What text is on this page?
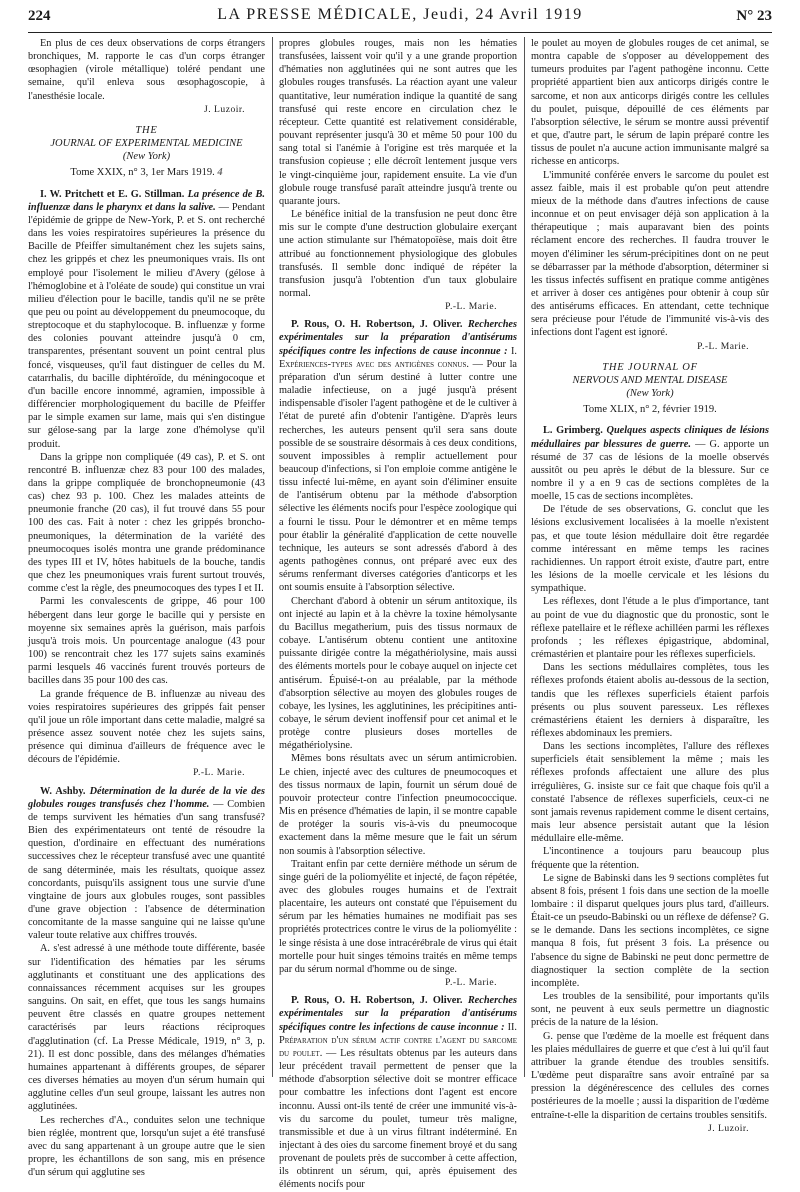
224	LA PRESSE MÉDICALE, Jeudi, 24 Avril 1919	N° 23

En plus de ces deux observations de corps étrangers bronchiques, M. rapporte le cas d'un corps étranger œsophagien (virole métallique) toléré pendant une semaine, qu'il enleva sous œsophagoscopie, à l'anesthésie locale.

J. Luzoir.

THE

JOURNAL OF EXPERIMENTAL MEDICINE

(New York)

Tome XXIX, n° 3, 1er Mars 1919. 4

I. W. Pritchett et E. G. Stillman. La présence de B. influenzæ dans le pharynx et dans la salive. — Pendant l'épidémie de grippe de New-York, P. et S. ont recherché dans les voies respiratoires supérieures la présence du Bacille de Pfeiffer simultanément chez les sujets sains, chez les grippés et chez les pneumoniques vrais. Ils ont employé pour l'isolement le milieu d'Avery (gélose à l'hémoglobine et à l'oléate de soude) qui constitue un vrai milieu d'élection pour le bacille, tandis qu'il ne se prête que peu ou point au développement du pneumocoque, du streptocoque et du staphylocoque. B. influenzæ y forme des colonies pouvant atteindre jusqu'à 0 cm, transparentes, présentant souvent un point central plus foncé, visqueuses, qu'il faut distinguer de celles du M. catarrhalis, du bacille diphtéroïde, du méningocoque et d'un bacille encore innommé, agramien, impossible à différencier morphologiquement du bacille de Pfeiffer par le simple examen sur lame, mais qui s'en distingue sur gélose-sang par la large zone d'hémolyse qu'il produit.

Dans la grippe non compliquée (49 cas), P. et S. ont rencontré B. influenzæ chez 83 pour 100 des malades, dans la grippe compliquée de bronchopneumonie (43 cas) chez 93 p. 100. Chez les malades atteints de pneumonie franche (20 cas), il fut trouvé dans 55 pour 100 des cas. Fait à noter : chez les grippés broncho-pneumoniques, la détermination de la variété des pneumocoques isolés montra une grande prédominance des types III et IV, hôtes habituels de la bouche, tandis que chez les pneumoniques vrais furent surtout trouvés, comme c'est la règle, des pneumocoques des types I et II.

Parmi les convalescents de grippe, 46 pour 100 hébergent dans leur gorge le bacille qui y persiste en moyenne six semaines après la guérison, mais parfois jusqu'à trois mois. Un pourcentage analogue (43 pour 100) se rencontrait chez les 177 sujets sains examinés parmi lesquels 46 vaccinés furent trouvés porteurs de bacilles dans 35 pour 100 des cas.

La grande fréquence de B. influenzæ au niveau des voies respiratoires supérieures des grippés fait penser qu'il joue un rôle important dans cette maladie, malgré sa présence assez souvent notée chez les sujets sains, présence qui diminua d'ailleurs de fréquence avec le décours de l'épidémie.

P.-L. Marie.

W. Ashby. Détermination de la durée de la vie des globules rouges transfusés chez l'homme. — Combien de temps survivent les hématies d'un sang transfusé? Bien des expérimentateurs ont tenté de résoudre la question, d'ordinaire en effectuant des numérations successives chez le récepteur transfusé avec une quantité de sang déterminée, mais les résultats, quoique assez concordants, puisqu'ils assignent tous une survie d'une vingtaine de jours aux globules rouges, sont passibles d'une grave objection : l'absence de détermination concomitante de la masse sanguine qui ne laisse qu'une valeur toute relative aux chiffres trouvés.

A. s'est adressé à une méthode toute différente, basée sur l'identification des hématies par les sérums agglutinants et constituant une des applications des connaissances récemment acquises sur les groupes sanguins. On sait, en effet, que tous les sangs humains peuvent être classés en quatre groupes nettement caractérisés par leurs réactions réciproques d'agglutination (cf. La Presse Médicale, 1919, n° 3, p. 21). Il est donc possible, dans des mélanges d'hématies humaines appartenant à différents groupes, de séparer ces diverses hématies au moyen d'un sérum humain qui agglutine celles d'un seul groupe, laissant les autres non agglutinées.

Les recherches d'A., conduites selon une technique bien réglée, montrent que, lorsqu'un sujet a été transfusé avec du sang appartenant à un groupe autre que le sien propre, les échantillons de son sang, mis en présence d'un sérum qui agglutine ses

propres globules rouges, mais non les hématies transfusées, laissent voir qu'il y a une grande proportion d'hématies non agglutinées qui ne sont autres que les globules rouges transfusés. La réaction ayant une valeur quantitative, leur numération indique la quantité de sang transfusé qui reste encore en circulation chez le récepteur. Cette quantité est relativement considérable, pouvant représenter jusqu'à 30 et même 50 pour 100 du sang total si l'anémie à l'origine est très marquée et la transfusion copieuse ; elle décroît lentement jusque vers le vingt-cinquième jour, rapidement ensuite. La vie d'un globule rouge transfusé paraît atteindre jusqu'à trente ou quarante jours.

Le bénéfice initial de la transfusion ne peut donc être mis sur le compte d'une destruction globulaire exerçant une action stimulante sur l'hématopoïèse, mais doit être attribué au fonctionnement physiologique des globules transfusés. Il semble donc indiqué de répéter la transfusion jusqu'à l'obtention d'un taux globulaire normal.

P.-L. Marie.

P. Rous, O. H. Robertson, J. Oliver. Recherches expérimentales sur la préparation d'antisérums spécifiques contre les infections de cause inconnue : I. Expériences-types avec des antigènes connus. — Pour la préparation d'un sérum destiné à lutter contre une maladie infectieuse, on a jugé jusqu'à présent indispensable d'isoler l'agent pathogène et de le cultiver à l'état de pureté afin d'obtenir l'antigène. D'après leurs recherches, les auteurs pensent qu'il sera sans doute possible de se soustraire désormais à ces deux conditions, souvent impossibles à remplir actuellement pour beaucoup d'infections, si l'on emploie comme antigène le tissu infecté lui-même, en ayant soin d'éliminer ensuite de l'antisérum obtenu par la méthode d'absorption sélective les éléments nocifs pour l'espèce zoologique qui a fourni le tissu. Pour le démontrer et en même temps pour établir la généralité d'application de cette nouvelle technique, les auteurs se sont adressés d'abord à des agents pathogènes connus, ont préparé avec eux des sérums renfermant diverses catégories d'anticorps et les ont soumis ensuite à l'absorption sélective.

Cherchant d'abord à obtenir un sérum antitoxique, ils ont injecté au lapin et à la chèvre la toxine hémolysante du Bacillus megatherium, puis des tissus normaux de cobaye. L'antisérum obtenu contient une antitoxine puissante dirigée contre la mégathériolysine, mais aussi des éléments mortels pour le cobaye auquel on injecte cet antisérum. Épuisé-t-on au préalable, par la méthode d'absorption sélective au moyen des globules rouges de cobaye, les lysines, les agglutinines, les précipitines anti-cobaye, le sérum devient inoffensif pour cet animal et le protège contre plusieurs doses mortelles de mégathériolysine.

Mêmes bons résultats avec un sérum antimicrobien. Le chien, injecté avec des cultures de pneumocoques et des tissus normaux de lapin, fournit un sérum doué de pouvoir protecteur contre l'infection pneumococcique. Mis en présence d'hématies de lapin, il se montre capable de protéger la souris vis-à-vis du pneumocoque exactement dans la même mesure que le fait un sérum non soumis à l'absorption sélective.

Traitant enfin par cette dernière méthode un sérum de singe guéri de la poliomyélite et injecté, de façon répétée, avec des globules rouges humains et de l'extrait placentaire, les auteurs ont constaté que l'épuisement du sérum par les hématies humaines ne modifiait pas ses propriétés protectrices contre le virus de la poliomyélite : le singe résista à une dose intracérébrale de virus qui était mortelle pour huit singes témoins traités en même temps par du sérum normal d'homme ou de singe.

P.-L. Marie.

P. Rous, O. H. Robertson, J. Oliver. Recherches expérimentales sur la préparation d'antisérums spécifiques contre les infections de cause inconnue : II. Préparation d'un sérum actif contre l'agent du sarcome du poulet. — Les résultats obtenus par les auteurs dans leur précédent travail permettent de penser que la méthode d'absorption sélective doit se montrer efficace pour combattre les infections dont l'agent est encore inconnu. Aussi ont-ils tenté de créer une immunité vis-à-vis du sarcome du poulet, tumeur très maligne, transmissible et due à un virus filtrant indéterminé. En injectant à des oies du sarcome finement broyé et du sang provenant de poulets près de succomber à cette affection, ils obtinrent un sérum, qui, après épuisement des éléments nocifs pour

le poulet au moyen de globules rouges de cet animal, se montra capable de s'opposer au développement des tumeurs produites par l'agent pathogène inconnu. Cette propriété appartient bien aux anticorps dirigés contre le sarcome, et non aux anticorps dirigés contre les cellules du poulet, puisque, dépouillé de ces éléments par l'absorption sélective, le sérum se montre aussi préventif et que, d'autre part, le sérum de lapin préparé contre les tissus de poulet n'a aucune action immunisante malgré sa richesse en anticorps.

L'immunité conférée envers le sarcome du poulet est assez faible, mais il est probable qu'on peut attendre mieux de la méthode dans d'autres infections de cause inconnue et on peut envisager déjà son application à la thérapeutique ; mais auparavant bien des points réclament encore des recherches. Il faudra trouver le moyen d'éliminer les sérum-précipitines dont on ne peut se débarrasser par la méthode d'absorption, déterminer si les tissus infectés suffisent en pratique comme antigènes et arriver à doser ces antigènes pour obtenir à coup sûr des antisérums efficaces. En attendant, cette technique sera précieuse pour l'étude de l'immunité vis-à-vis des infections dont l'agent est ignoré.

P.-L. Marie.

THE JOURNAL OF

NERVOUS AND MENTAL DISEASE

(New York)

Tome XLIX, n° 2, février 1919.

L. Grimberg. Quelques aspects cliniques de lésions médullaires par blessures de guerre. — G. apporte un résumé de 37 cas de lésions de la moelle observés aussitôt ou peu après le début de la blessure. Sur ce nombre il y a en 9 cas de sections complètes de la moelle, 15 cas de sections incomplètes.

De l'étude de ses observations, G. conclut que les lésions exclusivement localisées à la moelle n'existent pas, et que toute lésion médullaire doit être regardée comme intéressant en même temps les racines rachidiennes. Un rapport étroit existe, d'autre part, entre les lésions de la moelle cervicale et les lésions du sympathique.

Les réflexes, dont l'étude a le plus d'importance, tant au point de vue du diagnostic que du pronostic, sont le réflexe patellaire et le réflexe achilléen parmi les réflexes profonds ; les réflexes épigastrique, abdominal, crémastérien et plantaire pour les réflexes superficiels.

Dans les sections médullaires complètes, tous les réflexes profonds étaient abolis au-dessous de la section, tandis que les réflexes superficiels étaient parfois présents ou plus souvent paresseux. Les réflexes crémastériens étaient les derniers à disparaître, les réflexes abdominaux les premiers.

Dans les sections incomplètes, l'allure des réflexes superficiels était sensiblement la même ; mais les réflexes profonds affectaient une allure des plus irrégulières, G. insiste sur ce fait que chaque fois qu'il a constaté l'absence de réflexes superficiels, ceux-ci ne sont jamais revenus rapidement comme le disent certains, mais leur absence persistait autant que la lésion médullaire elle-même.

L'incontinence a toujours paru beaucoup plus fréquente que la rétention.

Le signe de Babinski dans les 9 sections complètes fut absent 8 fois, présent 1 fois dans une section de la moelle lombaire : il disparut quelques jours plus tard, d'ailleurs. Était-ce un pseudo-Babinski ou un réflexe de défense? G. se le demande. Dans les sections incomplètes, ce signe manqua 8 fois, fut présent 3 fois. La présence ou l'absence du signe de Babinski ne peut donc permettre de diagnostiquer la section complète de la section incomplète.

Les troubles de la sensibilité, pour importants qu'ils sont, ne peuvent à eux seuls permettre un diagnostic précis de la nature de la lésion.

G. pense que l'œdème de la moelle est fréquent dans les plaies médullaires de guerre et que c'est à lui qu'il faut attribuer la grande étendue des troubles sensitifs. L'œdème peut disparaître sans avoir entraîné par sa pression la dégénérescence des cellules des cornes postérieures de la moelle ; aussi la disparition de l'œdème entraîne-t-elle la disparition de certains troubles sensitifs.

J. Luzoir.
